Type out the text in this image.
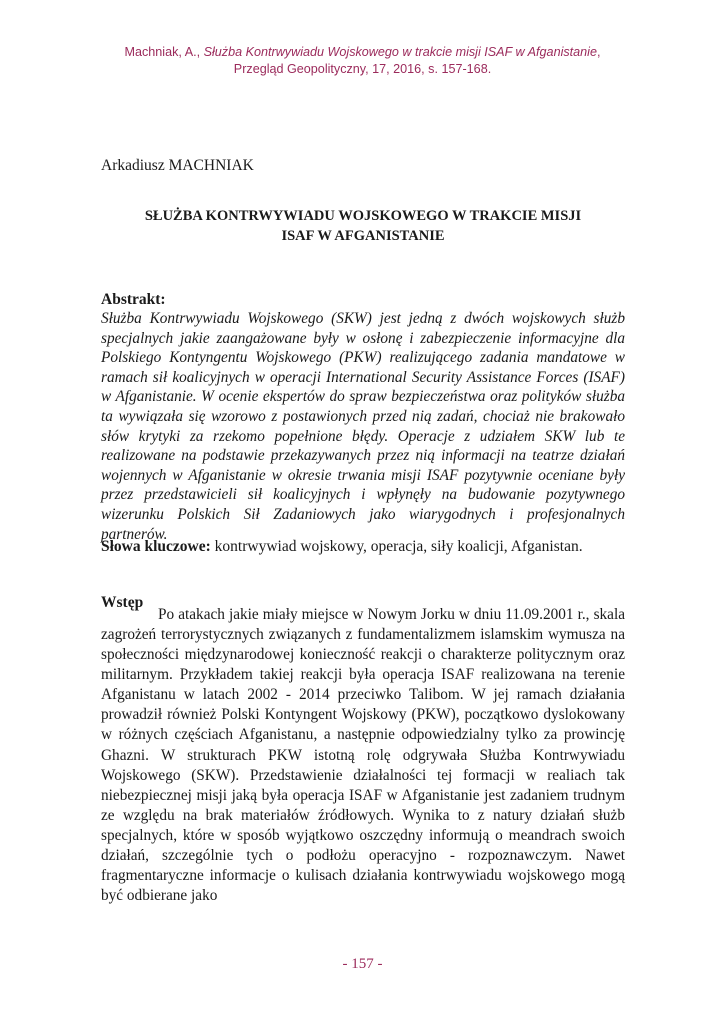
Machniak, A., Służba Kontrwywiadu Wojskowego w trakcie misji ISAF w Afganistanie,
Przegląd Geopolityczny, 17, 2016, s. 157-168.
Arkadiusz MACHNIAK
SŁUŻBA KONTRWYWIADU WOJSKOWEGO W TRAKCIE MISJI
ISAF W AFGANISTANIE
Abstrakt:
Służba Kontrwywiadu Wojskowego (SKW) jest jedną z dwóch wojskowych służb specjalnych jakie zaangażowane były w osłonę i zabezpieczenie informacyjne dla Polskiego Kontyngentu Wojskowego (PKW) realizującego zadania mandatowe w ramach sił koalicyjnych w operacji International Security Assistance Forces (ISAF) w Afganistanie. W ocenie ekspertów do spraw bezpieczeństwa oraz polityków służba ta wywiązała się wzorowo z postawionych przed nią zadań, chociaż nie brakowało słów krytyki za rzekomo popełnione błędy. Operacje z udziałem SKW lub te realizowane na podstawie przekazywanych przez nią informacji na teatrze działań wojennych w Afganistanie w okresie trwania misji ISAF pozytywnie oceniane były przez przedstawicieli sił koalicyjnych i wpłynęły na budowanie pozytywnego wizerunku Polskich Sił Zadaniowych jako wiarygodnych i profesjonalnych partnerów.
Słowa kluczowe: kontrwywiad wojskowy, operacja, siły koalicji, Afganistan.
Wstęp

Po atakach jakie miały miejsce w Nowym Jorku w dniu 11.09.2001 r., skala zagrożeń terrorystycznych związanych z fundamentalizmem islamskim wymusza na społeczności międzynarodowej konieczność reakcji o charakterze politycznym oraz militarnym. Przykładem takiej reakcji była operacja ISAF realizowana na terenie Afganistanu w latach 2002 - 2014 przeciwko Talibom. W jej ramach działania prowadził również Polski Kontyngent Wojskowy (PKW), początkowo dyslokowany w różnych częściach Afganistanu, a następnie odpowiedzialny tylko za prowincję Ghazni. W strukturach PKW istotną rolę odgrywała Służba Kontrwywiadu Wojskowego (SKW). Przedstawienie działalności tej formacji w realiach tak niebezpiecznej misji jaką była operacja ISAF w Afganistanie jest zadaniem trudnym ze względu na brak materiałów źródłowych. Wynika to z natury działań służb specjalnych, które w sposób wyjątkowo oszczędny informują o meandrach swoich działań, szczególnie tych o podłożu operacyjno - rozpoznawczym. Nawet fragmentaryczne informacje o kulisach działania kontrwywiadu wojskowego mogą być odbierane jako

- 157 -
